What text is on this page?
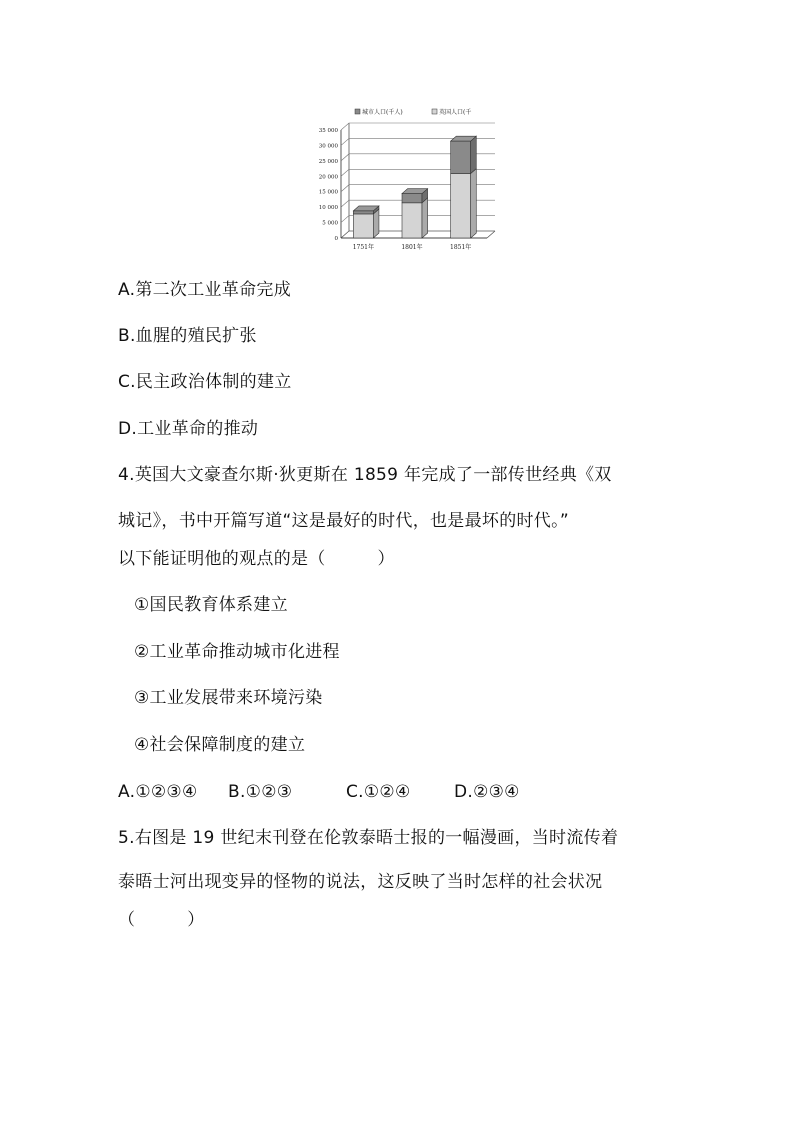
0
5 000
10 000
15 000
20 000
25 000
30 000
35 000
1751年	1801年	1851年
城市人口(千人)	英国人口(千
A.第二次工业革命完成
B.血腥的殖民扩张
C.民主政治体制的建立
D.工业革命的推动
4.英国大文豪查尔斯·狄更斯在 1859 年完成了一部传世经典《双
城记》，书中开篇写道“这是最好的时代，也是最坏的时代。”
以下能证明他的观点的是（　　　）
①国民教育体系建立
②工业革命推动城市化进程
③工业发展带来环境污染
④社会保障制度的建立
A.①②③④ B.①②③	C.①②④	D.②③④
5.右图是 19 世纪末刊登在伦敦泰晤士报的一幅漫画，当时流传着
泰晤士河出现变异的怪物的说法，这反映了当时怎样的社会状况
（　　　）
